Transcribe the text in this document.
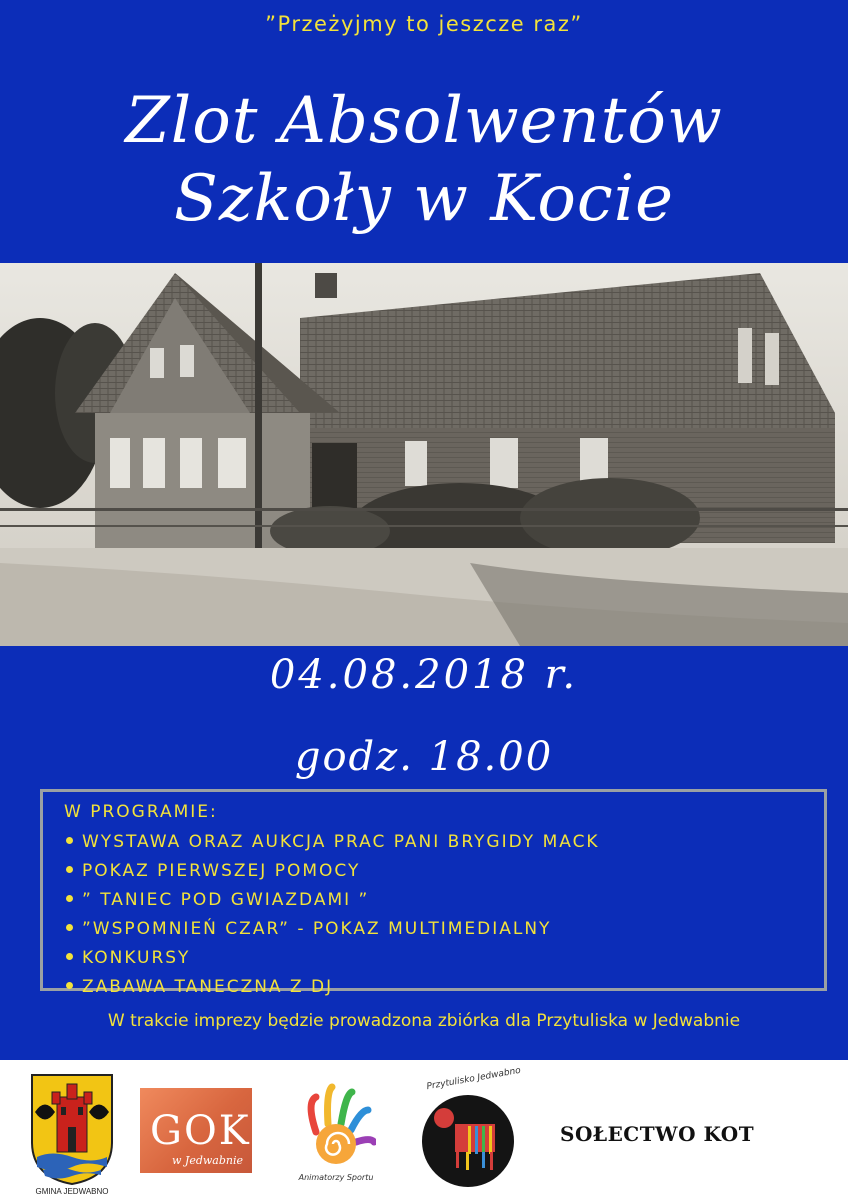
”Przeżyjmy to jeszcze raz”
Zlot Absolwentów
Szkoły w Kocie
04.08.2018 r.
godz. 18.00
W PROGRAMIE:
WYSTAWA ORAZ AUKCJA PRAC PANI BRYGIDY MACK
POKAZ PIERWSZEJ POMOCY
” TANIEC POD GWIAZDAMI ”
”WSPOMNIEŃ CZAR” - POKAZ MULTIMEDIALNY
KONKURSY
ZABAWA TANECZNA Z DJ
W trakcie imprezy będzie prowadzona zbiórka dla Przytuliska w Jedwabnie
GMINA JEDWABNO
GOK
w Jedwabnie
Animatorzy Sportu
Przytulisko Jedwabno
SOŁECTWO KOT
